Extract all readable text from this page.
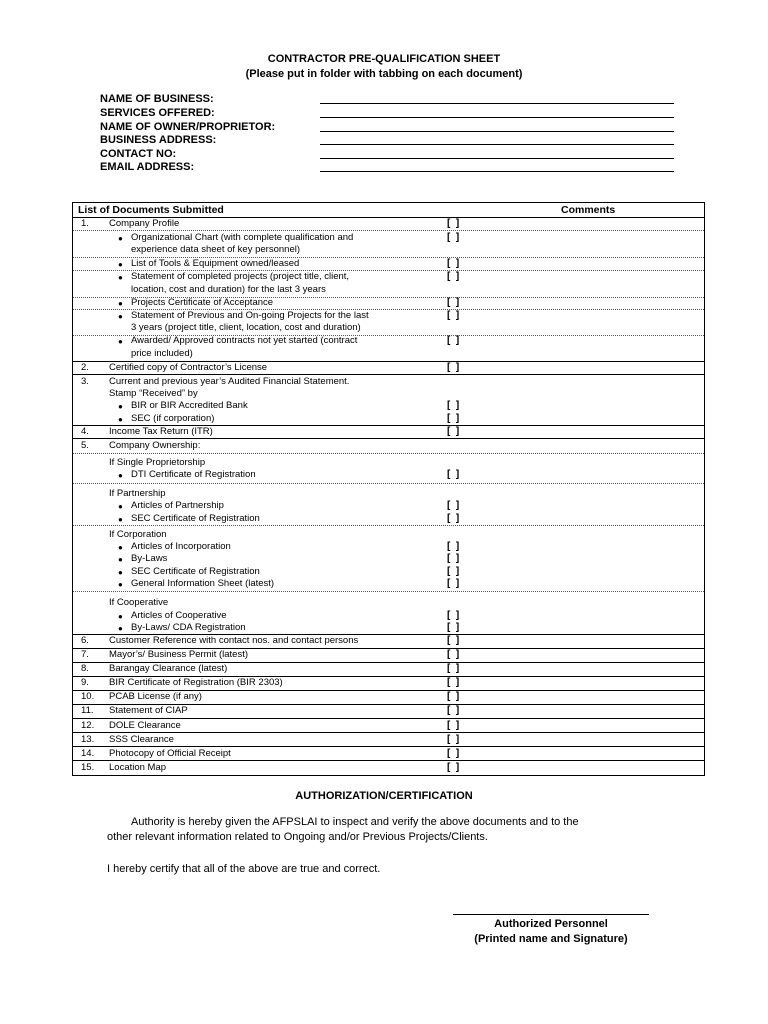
CONTRACTOR PRE-QUALIFICATION SHEET
(Please put in folder with tabbing on each document)
NAME OF BUSINESS:
SERVICES OFFERED:
NAME OF OWNER/PROPRIETOR:
BUSINESS ADDRESS:
CONTACT NO:
EMAIL ADDRESS:
List of Documents Submitted	Comments
1. Company Profile	[  ]
● Organizational Chart (with complete qualification and	[  ]
experience data sheet of key personnel)
● List of Tools & Equipment owned/leased	[  ]
● Statement of completed projects (project title, client,	[  ]
location, cost and duration) for the last 3 years
● Projects Certificate of Acceptance	[  ]
● Statement of Previous and On-going Projects for the last	[  ]
3 years (project title, client, location, cost and duration)
● Awarded/ Approved contracts not yet started (contract	[  ]
price included)
2. Certified copy of Contractor’s License	[  ]
3. Current and previous year’s Audited Financial Statement.
Stamp “Received” by
● BIR or BIR Accredited Bank	[  ]
● SEC (if corporation)	[  ]
4. Income Tax Return (ITR)	[  ]
5. Company Ownership:
If Single Proprietorship
● DTI Certificate of Registration	[  ]
If Partnership
● Articles of Partnership	[  ]
● SEC Certificate of Registration	[  ]
If Corporation
● Articles of Incorporation	[  ]
● By-Laws	[  ]
● SEC Certificate of Registration	[  ]
● General Information Sheet (latest)	[  ]
If Cooperative
● Articles of Cooperative	[  ]
● By-Laws/ CDA Registration	[  ]
6. Customer Reference with contact nos. and contact persons	[  ]
7. Mayor’s/ Business Permit (latest)	[  ]
8. Barangay Clearance (latest)	[  ]
9. BIR Certificate of Registration (BIR 2303)	[  ]
10. PCAB License (if any)	[  ]
11. Statement of CIAP	[  ]
12. DOLE Clearance	[  ]
13. SSS Clearance	[  ]
14. Photocopy of Official Receipt	[  ]
15. Location Map	[  ]
AUTHORIZATION/CERTIFICATION
Authority is hereby given the AFPSLAI to inspect and verify the above documents and to the
other relevant information related to Ongoing and/or Previous Projects/Clients.
I hereby certify that all of the above are true and correct.
Authorized Personnel
(Printed name and Signature)
